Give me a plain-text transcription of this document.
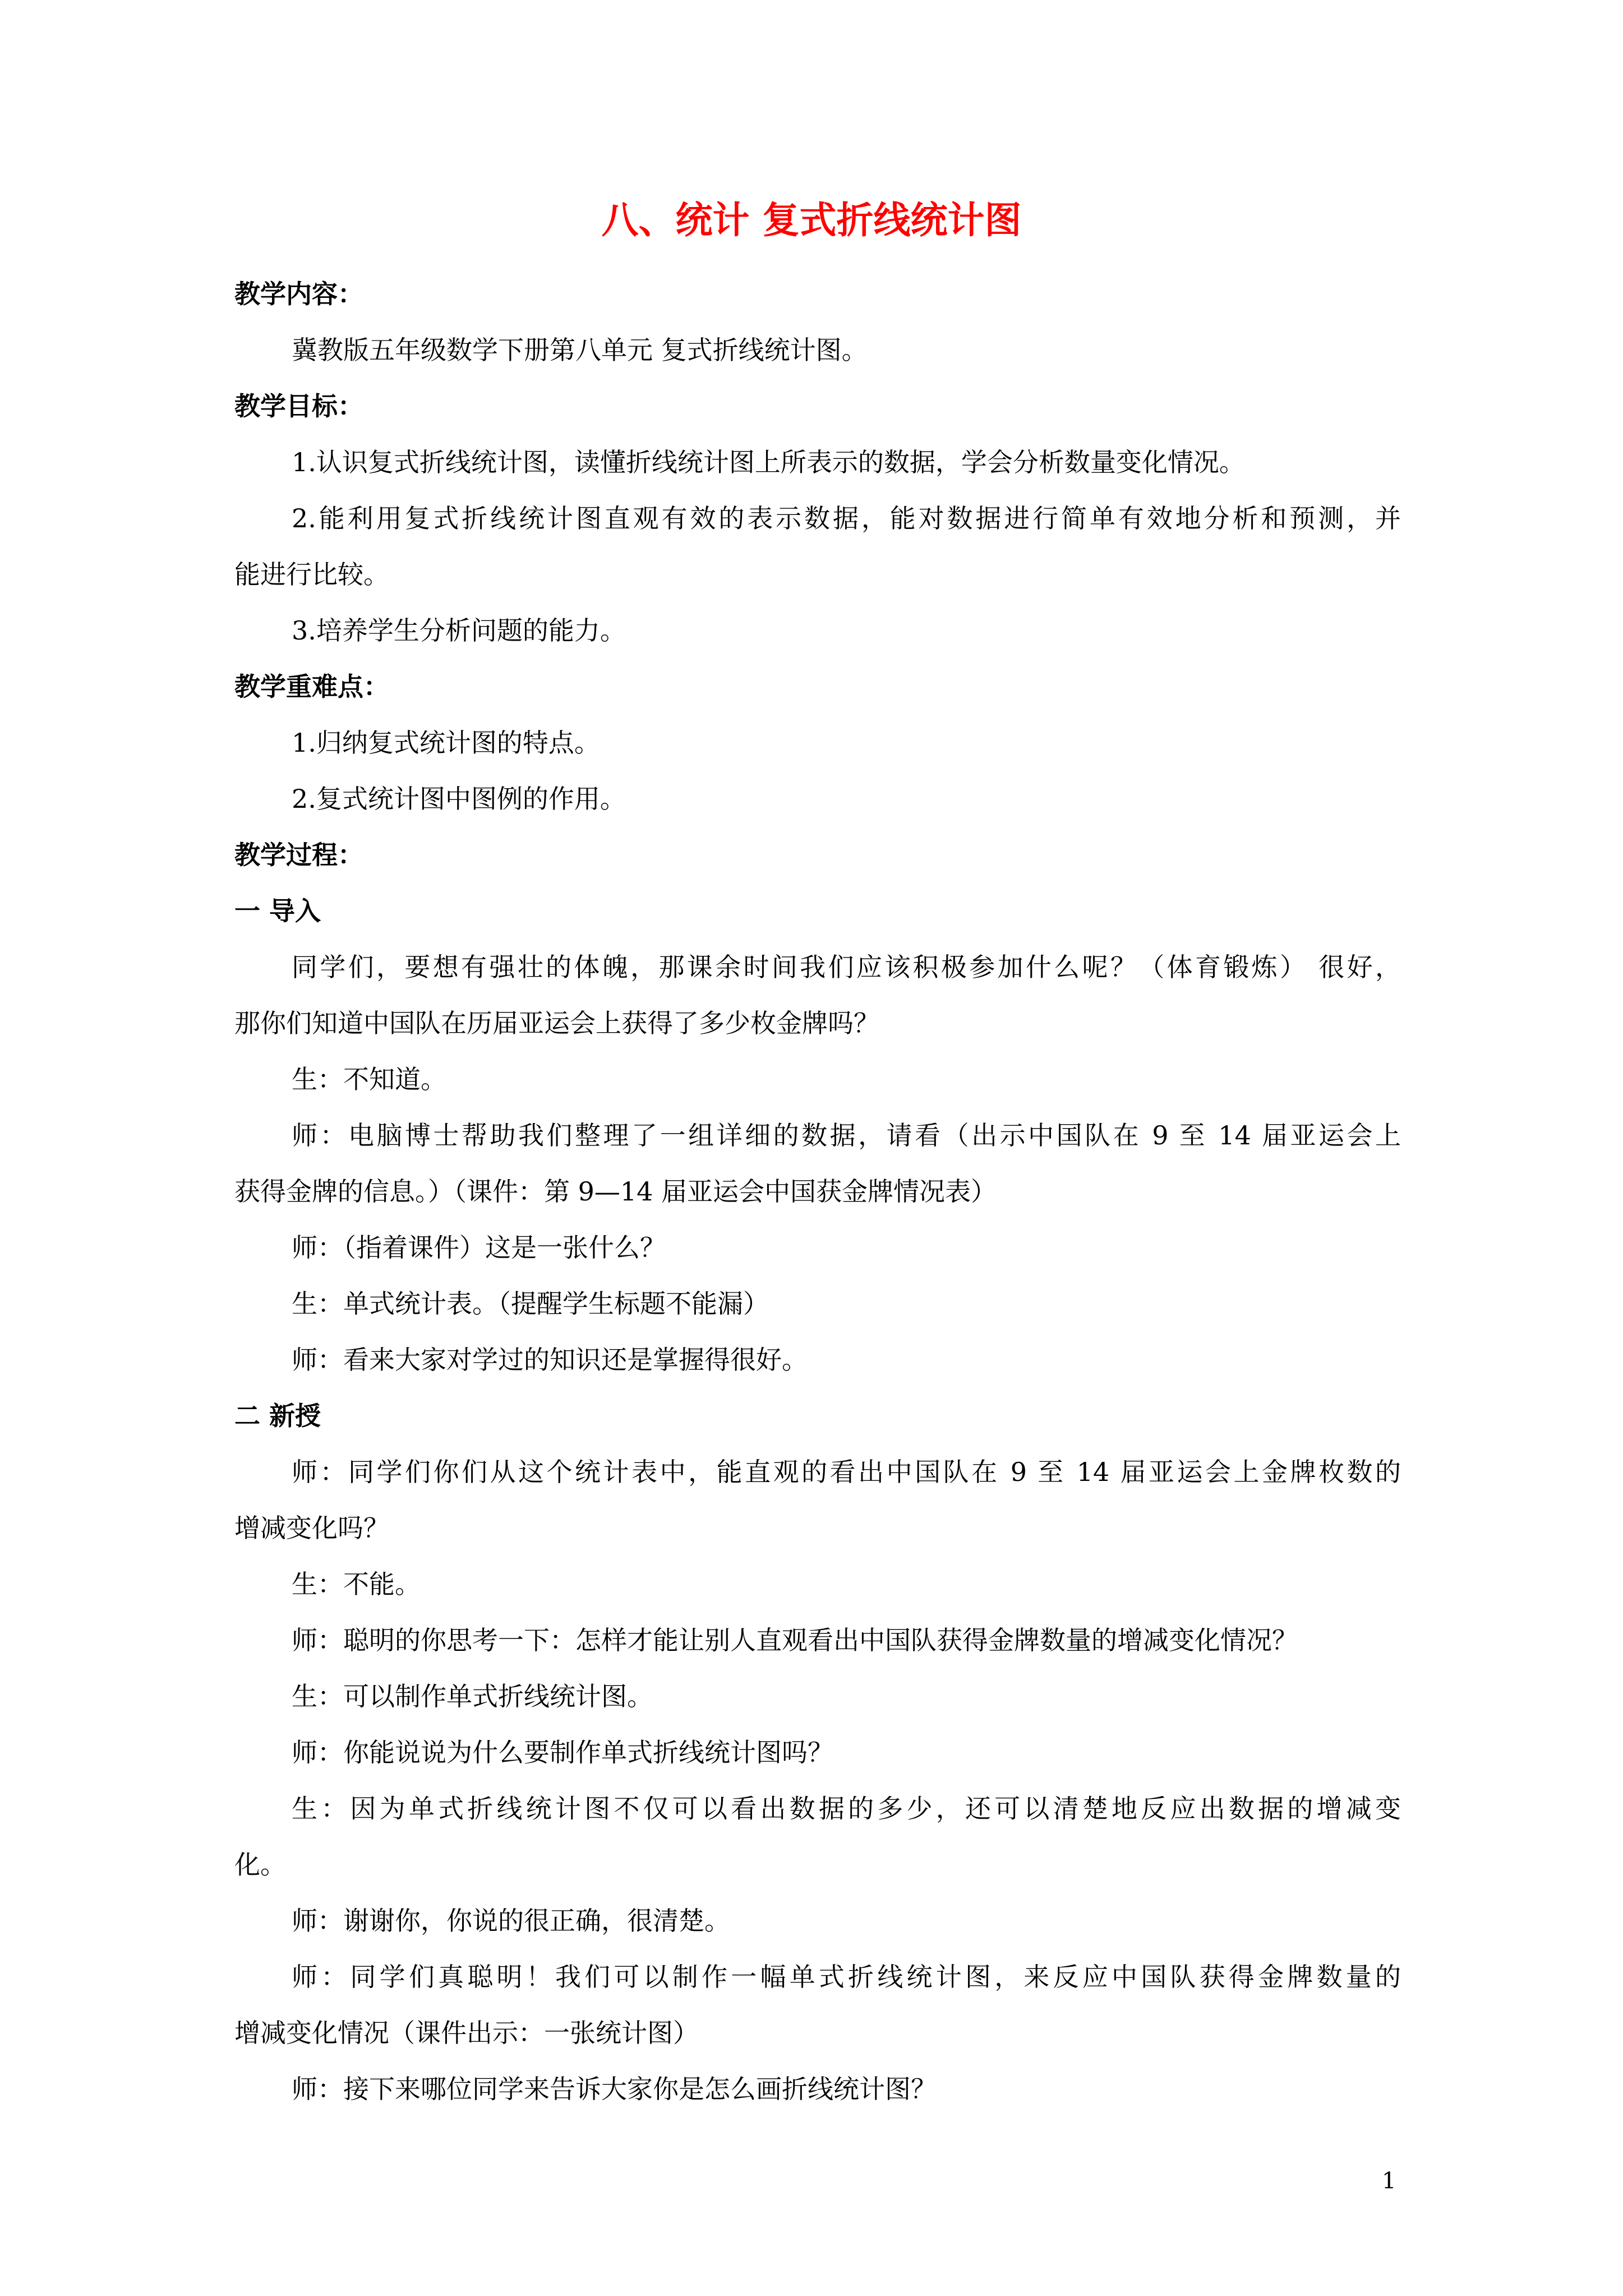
八、统计 复式折线统计图

教学内容：

冀教版五年级数学下册第八单元 复式折线统计图。

教学目标：

1.认识复式折线统计图，读懂折线统计图上所表示的数据，学会分析数量变化情况。

2.能利用复式折线统计图直观有效的表示数据，能对数据进行简单有效地分析和预测，并

能进行比较。

3.培养学生分析问题的能力。

教学重难点：

1.归纳复式统计图的特点。

2.复式统计图中图例的作用。

教学过程：

一 导入

同学们，要想有强壮的体魄，那课余时间我们应该积极参加什么呢？（体育锻炼） 很好，

那你们知道中国队在历届亚运会上获得了多少枚金牌吗？

生：不知道。

师：电脑博士帮助我们整理了一组详细的数据，请看（出示中国队在 9 至 14 届亚运会上

获得金牌的信息。）（课件：第 9—14 届亚运会中国获金牌情况表）

师：（指着课件）这是一张什么？

生：单式统计表。（提醒学生标题不能漏）

师：看来大家对学过的知识还是掌握得很好。

二 新授

师：同学们你们从这个统计表中，能直观的看出中国队在 9 至 14 届亚运会上金牌枚数的

增减变化吗？

生：不能。

师：聪明的你思考一下：怎样才能让别人直观看出中国队获得金牌数量的增减变化情况？

生：可以制作单式折线统计图。

师：你能说说为什么要制作单式折线统计图吗？

生：因为单式折线统计图不仅可以看出数据的多少，还可以清楚地反应出数据的增减变

化。

师：谢谢你，你说的很正确，很清楚。

师：同学们真聪明！我们可以制作一幅单式折线统计图，来反应中国队获得金牌数量的

增减变化情况（课件出示：一张统计图）

师：接下来哪位同学来告诉大家你是怎么画折线统计图？

1
